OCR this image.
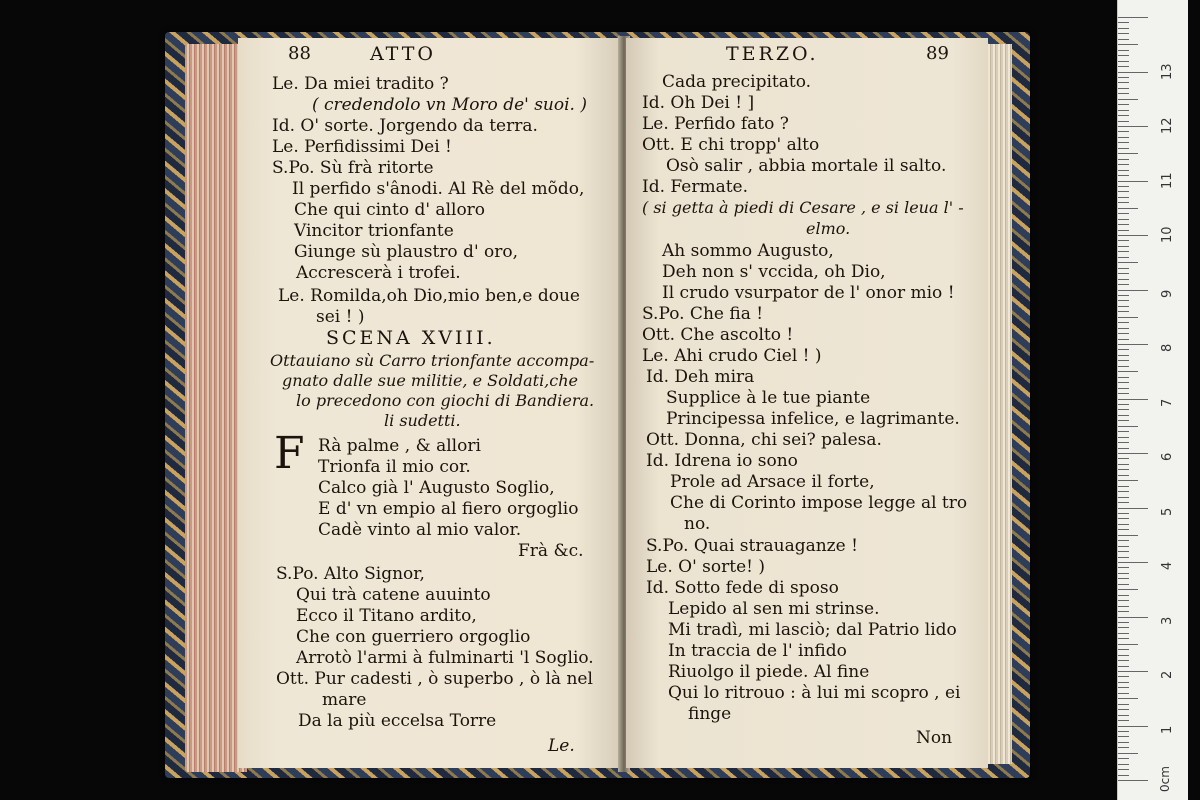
88	ATTO
Le. Da miei tradito ?
( credendolo vn Moro de' suoi. )
Id. O' sorte. Jorgendo da terra.
Le. Perfidissimi Dei !
S.Po. Sù frà ritorte
Il perfido s'ânodi. Al Rè del mõdo,
Che qui cinto d' alloro
Vincitor trionfante
Giunge sù plaustro d' oro,
Accrescerà i trofei.
Le. Romilda,oh Dio,mio ben,e doue
sei ! )
SCENA XVIII.
Ottauiano sù Carro trionfante accompa-
gnato dalle sue militie, e Soldati,che
lo precedono con giochi di Bandiera.
li sudetti.
F Rà palme , & allori
Trionfa il mio cor.
Calco già l' Augusto Soglio,
E d' vn empio al fiero orgoglio
Cadè vinto al mio valor.
Frà &c.
S.Po. Alto Signor,
Qui trà catene auuinto
Ecco il Titano ardito,
Che con guerriero orgoglio
Arrotò l'armi à fulminarti 'l Soglio.
Ott. Pur cadesti , ò superbo , ò là nel
mare
Da la più eccelsa Torre
Le.
TERZO.	89
Cada precipitato.
Id. Oh Dei ! ]
Le. Perfido fato ?
Ott. E chi tropp' alto
Osò salir , abbia mortale il salto.
Id. Fermate.
( si getta à piedi di Cesare , e si leua l' -
elmo.
Ah sommo Augusto,
Deh non s' vccida, oh Dio,
Il crudo vsurpator de l' onor mio !
S.Po. Che fia !
Ott. Che ascolto !
Le. Ahi crudo Ciel ! )
Id. Deh mira
Supplice à le tue piante
Principessa infelice, e lagrimante.
Ott. Donna, chi sei? palesa.
Id. Idrena io sono
Prole ad Arsace il forte,
Che di Corinto impose legge al tro
no.
S.Po. Quai strauaganze !
Le. O' sorte! )
Id. Sotto fede di sposo
Lepido al sen mi strinse.
Mi tradì, mi lasciò; dal Patrio lido
In traccia de l' infido
Riuolgo il piede. Al fine
Qui lo ritrouo : à lui mi scopro , ei
finge
Non
13
12
11
10
9
8
7
6
5
4
3
2
1
0cm
